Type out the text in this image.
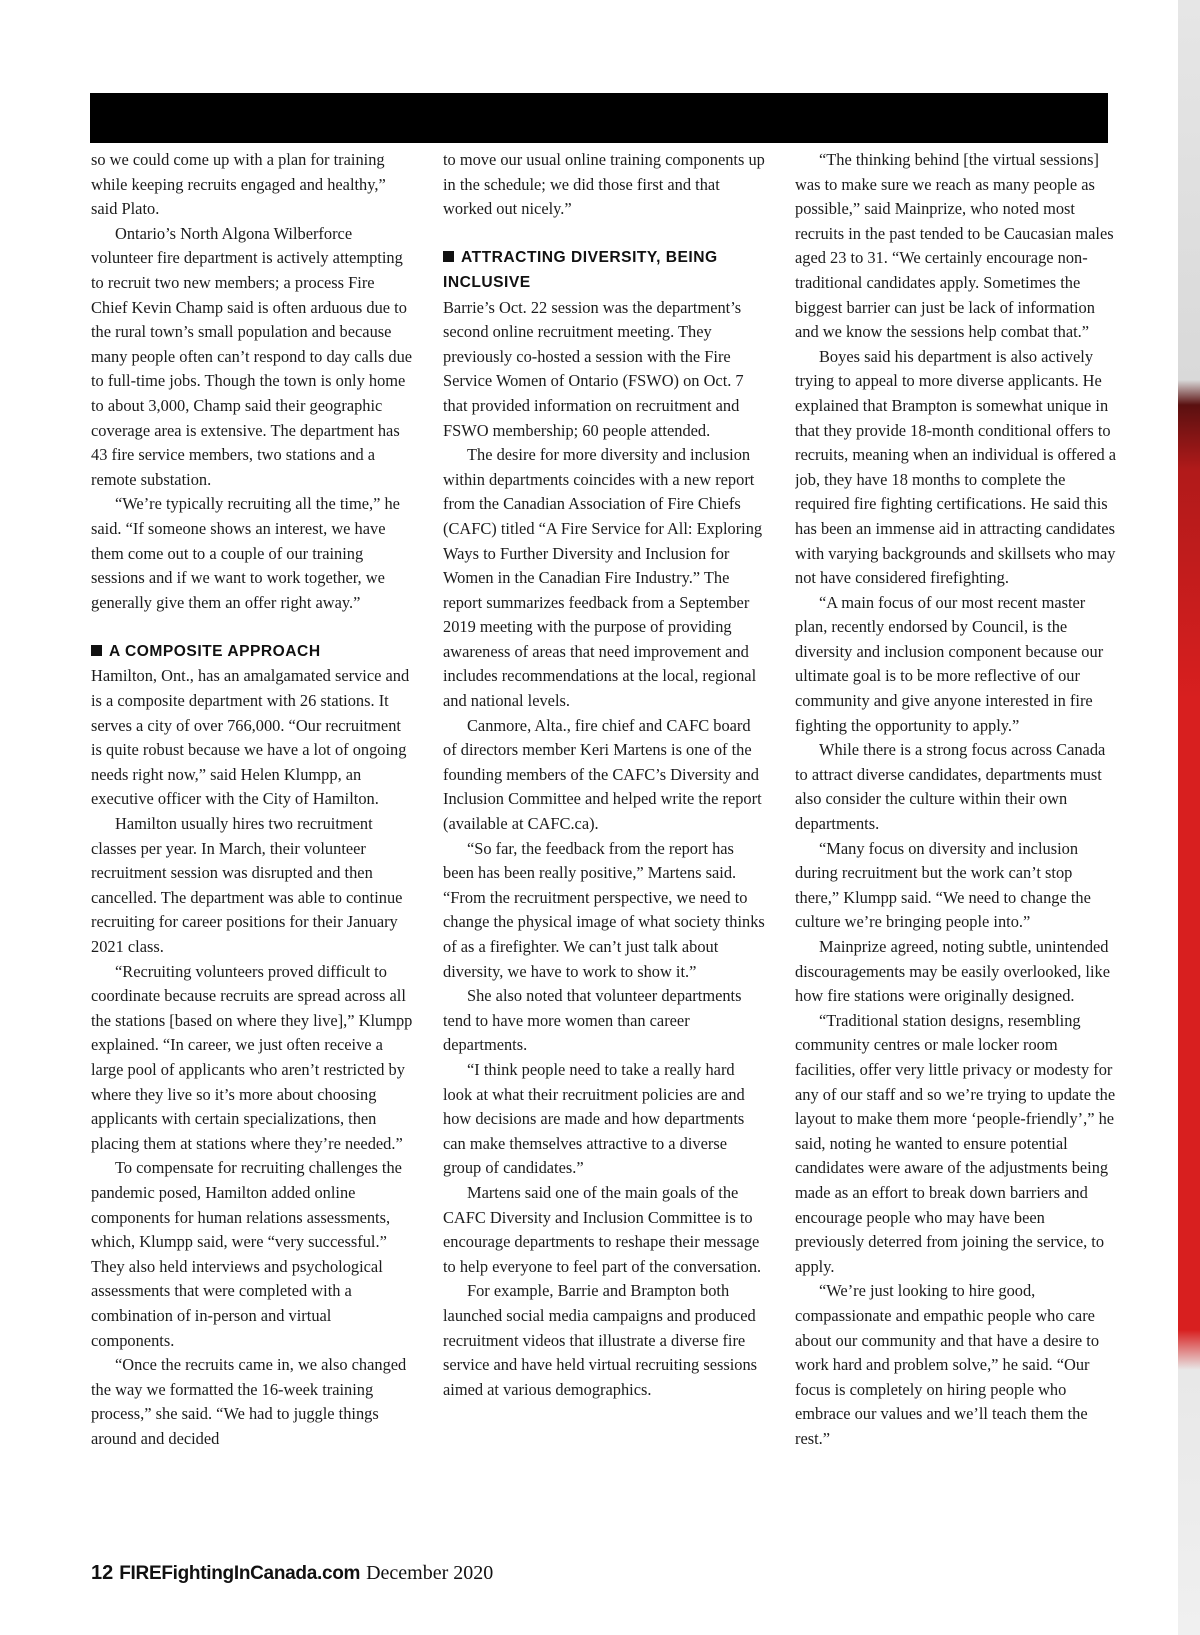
so we could come up with a plan for training while keeping recruits engaged and healthy,” said Plato.

Ontario’s North Algona Wilberforce volunteer fire department is actively attempting to recruit two new members; a process Fire Chief Kevin Champ said is often arduous due to the rural town’s small population and because many people often can’t respond to day calls due to full-time jobs. Though the town is only home to about 3,000, Champ said their geographic coverage area is extensive. The department has 43 fire service members, two stations and a remote substation.

“We’re typically recruiting all the time,” he said. “If someone shows an interest, we have them come out to a couple of our training sessions and if we want to work together, we generally give them an offer right away.”

A COMPOSITE APPROACH

Hamilton, Ont., has an amalgamated service and is a composite department with 26 stations. It serves a city of over 766,000. “Our recruitment is quite robust because we have a lot of ongoing needs right now,” said Helen Klumpp, an executive officer with the City of Hamilton.

Hamilton usually hires two recruitment classes per year. In March, their volunteer recruitment session was disrupted and then cancelled. The department was able to continue recruiting for career positions for their January 2021 class.

“Recruiting volunteers proved difficult to coordinate because recruits are spread across all the stations [based on where they live],” Klumpp explained. “In career, we just often receive a large pool of applicants who aren’t restricted by where they live so it’s more about choosing applicants with certain specializations, then placing them at stations where they’re needed.”

To compensate for recruiting challenges the pandemic posed, Hamilton added online components for human relations assessments, which, Klumpp said, were “very successful.” They also held interviews and psychological assessments that were completed with a combination of in-person and virtual components.

“Once the recruits came in, we also changed the way we formatted the 16-week training process,” she said. “We had to juggle things around and decided

to move our usual online training components up in the schedule; we did those first and that worked out nicely.”

ATTRACTING DIVERSITY, BEING INCLUSIVE

Barrie’s Oct. 22 session was the department’s second online recruitment meeting. They previously co-hosted a session with the Fire Service Women of Ontario (FSWO) on Oct. 7 that provided information on recruitment and FSWO membership; 60 people attended.

The desire for more diversity and inclusion within departments coincides with a new report from the Canadian Association of Fire Chiefs (CAFC) titled “A Fire Service for All: Exploring Ways to Further Diversity and Inclusion for Women in the Canadian Fire Industry.” The report summarizes feedback from a September 2019 meeting with the purpose of providing awareness of areas that need improvement and includes recommendations at the local, regional and national levels.

Canmore, Alta., fire chief and CAFC board of directors member Keri Martens is one of the founding members of the CAFC’s Diversity and Inclusion Committee and helped write the report (available at CAFC.ca).

“So far, the feedback from the report has been has been really positive,” Martens said. “From the recruitment perspective, we need to change the physical image of what society thinks of as a firefighter. We can’t just talk about diversity, we have to work to show it.”

She also noted that volunteer departments tend to have more women than career departments.

“I think people need to take a really hard look at what their recruitment policies are and how decisions are made and how departments can make themselves attractive to a diverse group of candidates.”

Martens said one of the main goals of the CAFC Diversity and Inclusion Committee is to encourage departments to reshape their message to help everyone to feel part of the conversation.

For example, Barrie and Brampton both launched social media campaigns and produced recruitment videos that illustrate a diverse fire service and have held virtual recruiting sessions aimed at various demographics.

“The thinking behind [the virtual sessions] was to make sure we reach as many people as possible,” said Mainprize, who noted most recruits in the past tended to be Caucasian males aged 23 to 31. “We certainly encourage non-traditional candidates apply. Sometimes the biggest barrier can just be lack of information and we know the sessions help combat that.”

Boyes said his department is also actively trying to appeal to more diverse applicants. He explained that Brampton is somewhat unique in that they provide 18-month conditional offers to recruits, meaning when an individual is offered a job, they have 18 months to complete the required fire fighting certifications. He said this has been an immense aid in attracting candidates with varying backgrounds and skillsets who may not have considered firefighting.

“A main focus of our most recent master plan, recently endorsed by Council, is the diversity and inclusion component because our ultimate goal is to be more reflective of our community and give anyone interested in fire fighting the opportunity to apply.”

While there is a strong focus across Canada to attract diverse candidates, departments must also consider the culture within their own departments.

“Many focus on diversity and inclusion during recruitment but the work can’t stop there,” Klumpp said. “We need to change the culture we’re bringing people into.”

Mainprize agreed, noting subtle, unintended discouragements may be easily overlooked, like how fire stations were originally designed.

“Traditional station designs, resembling community centres or male locker room facilities, offer very little privacy or modesty for any of our staff and so we’re trying to update the layout to make them more ‘people-friendly’,” he said, noting he wanted to ensure potential candidates were aware of the adjustments being made as an effort to break down barriers and encourage people who may have been previously deterred from joining the service, to apply.

“We’re just looking to hire good, compassionate and empathic people who care about our community and that have a desire to work hard and problem solve,” he said. “Our focus is completely on hiring people who embrace our values and we’ll teach them the rest.”

12 FIREFightingInCanada.com December 2020
